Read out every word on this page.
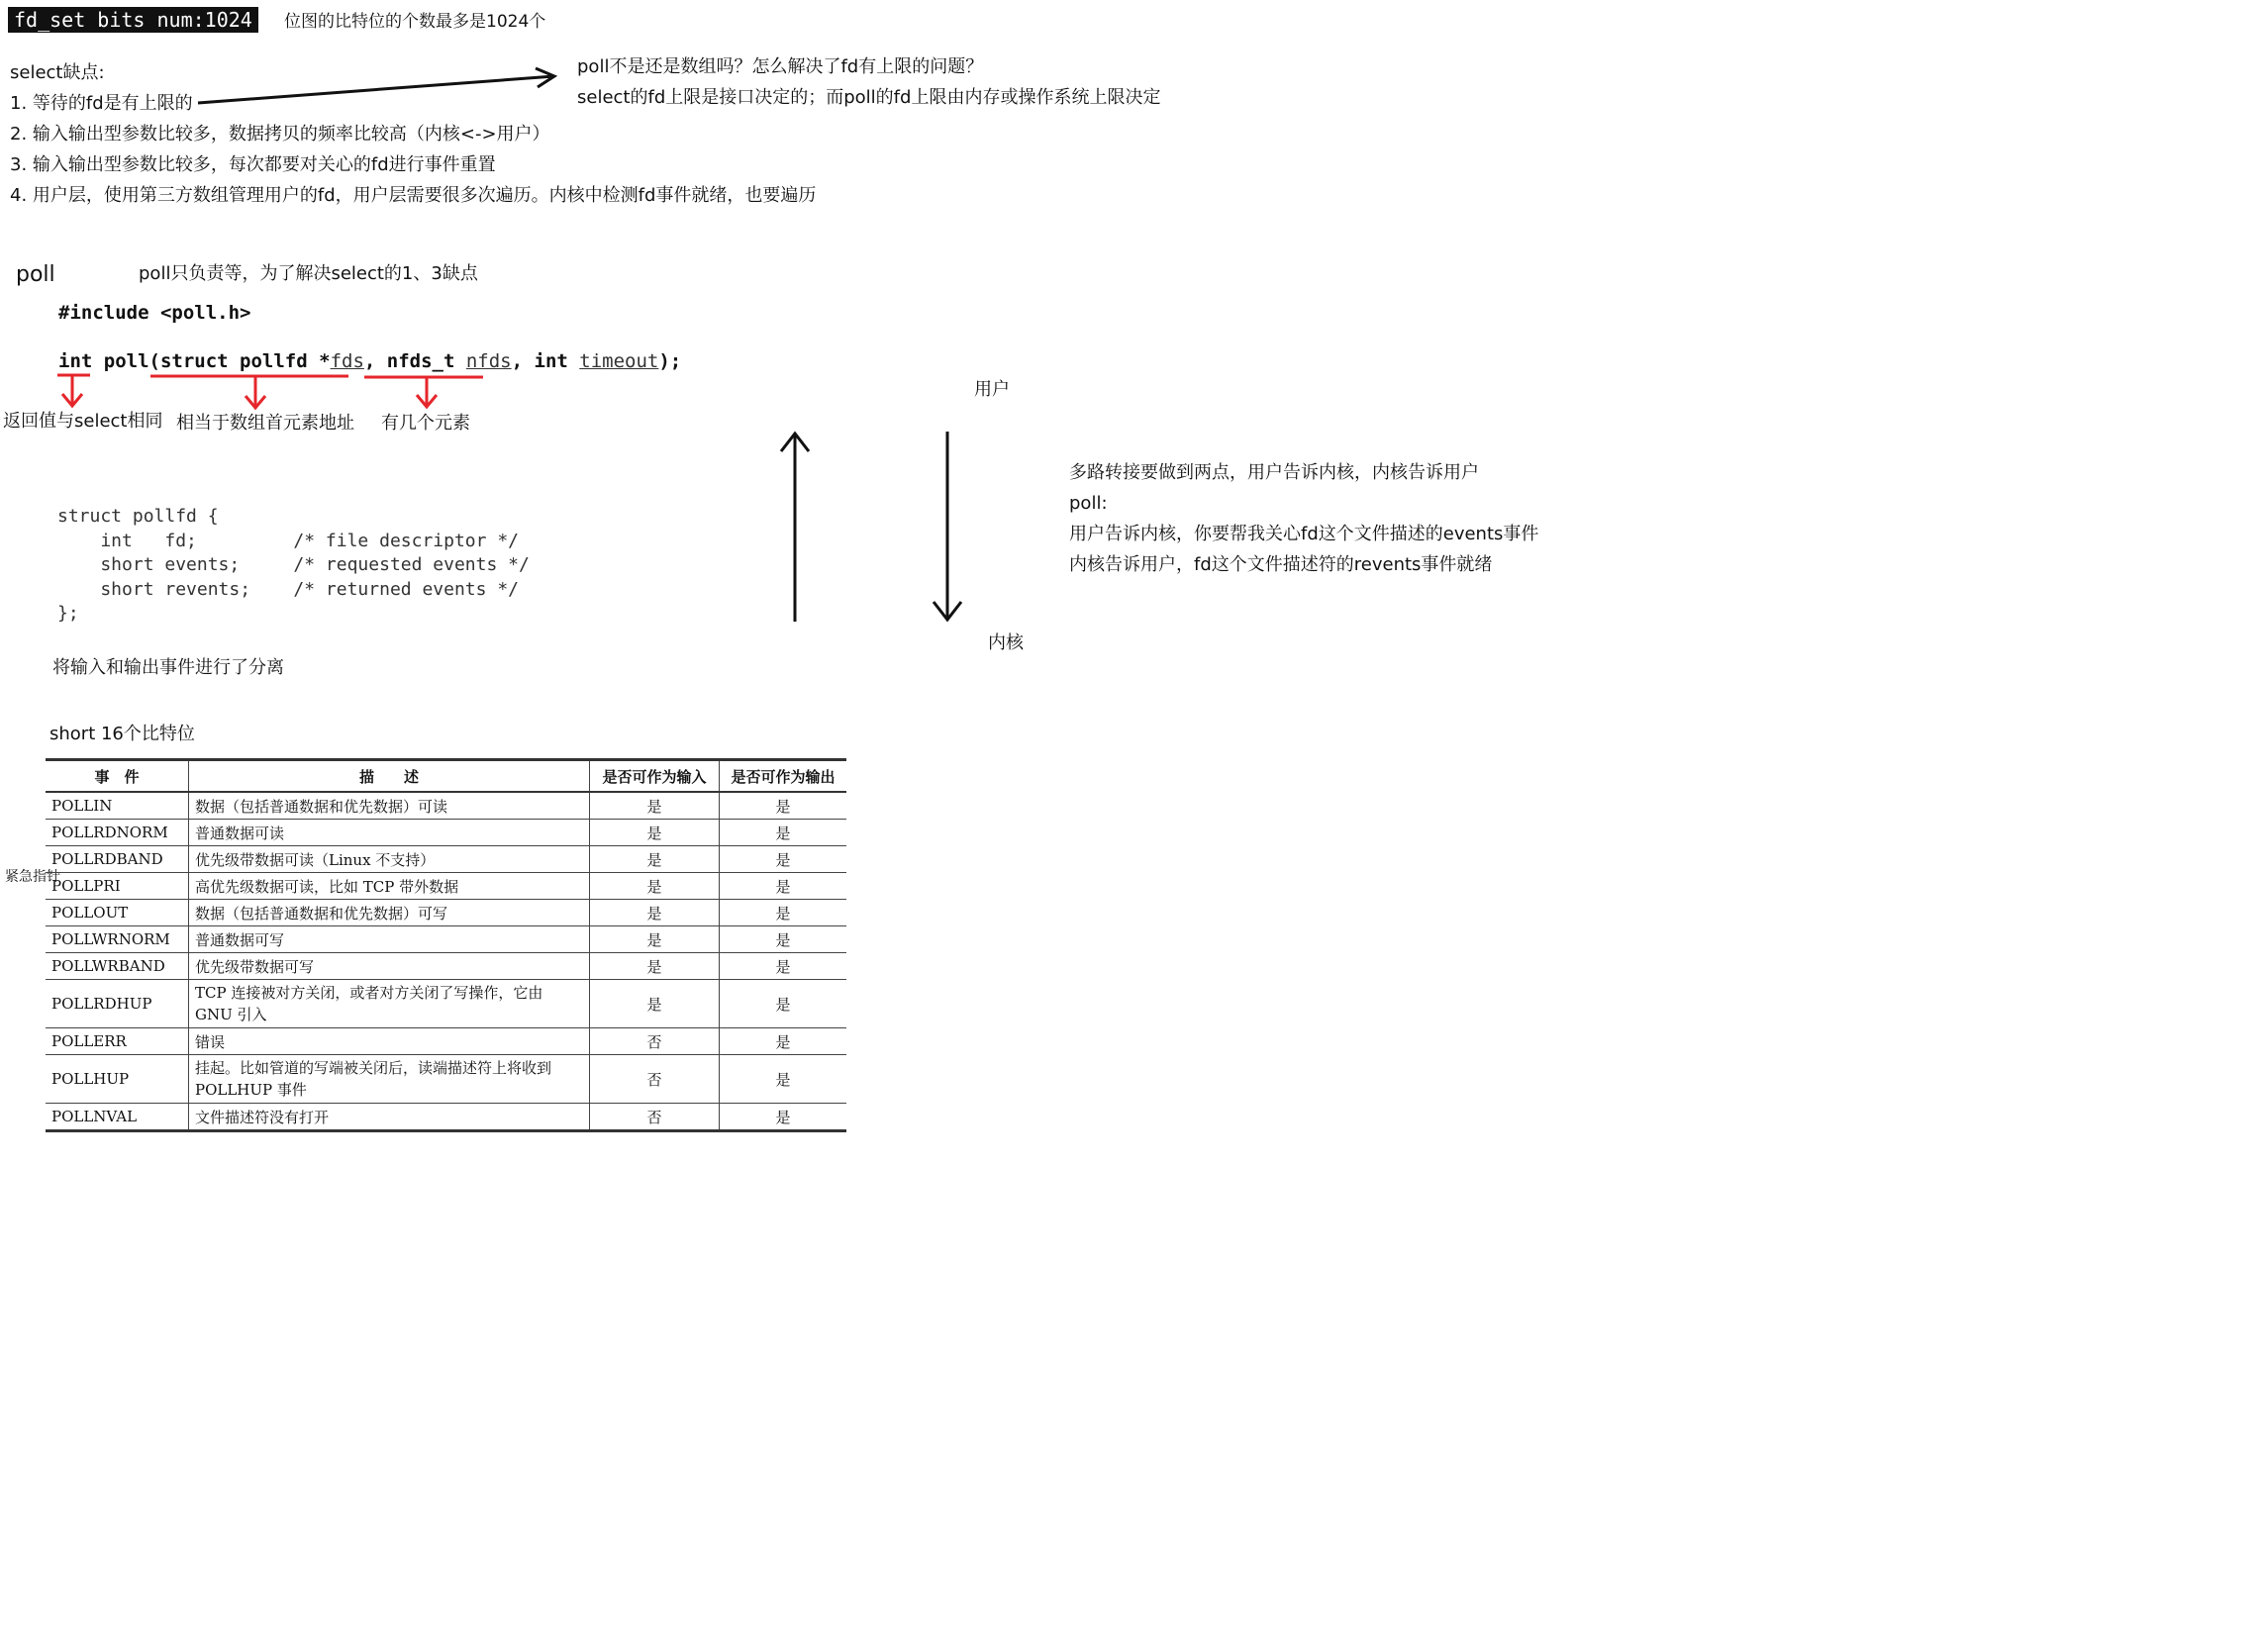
fd_set bits num:1024	位图的比特位的个数最多是1024个
select缺点:
1. 等待的fd是有上限的
2. 输入输出型参数比较多，数据拷贝的频率比较高（内核<->用户）
3. 输入输出型参数比较多，每次都要对关心的fd进行事件重置
4. 用户层，使用第三方数组管理用户的fd，用户层需要很多次遍历。内核中检测fd事件就绪，也要遍历
poll不是还是数组吗？怎么解决了fd有上限的问题？
select的fd上限是接口决定的；而poll的fd上限由内存或操作系统上限决定
poll	poll只负责等，为了解决select的1、3缺点
#include <poll.h>
int poll(struct pollfd *fds, nfds_t nfds, int timeout);
返回值与select相同 相当于数组首元素地址 有几个元素
struct pollfd {
int   fd;         /* file descriptor */
short events;     /* requested events */
short revents;    /* returned events */
};
将输入和输出事件进行了分离
short 16个比特位
用户
内核
多路转接要做到两点，用户告诉内核，内核告诉用户
poll:
用户告诉内核，你要帮我关心fd这个文件描述的events事件
内核告诉用户，fd这个文件描述符的revents事件就绪
紧急指针
事　件	描　　述	是否可作为输入	是否可作为输出
POLLIN	数据（包括普通数据和优先数据）可读	是	是
POLLRDNORM	普通数据可读	是	是
POLLRDBAND	优先级带数据可读（Linux 不支持）	是	是
POLLPRI	高优先级数据可读，比如 TCP 带外数据	是	是
POLLOUT	数据（包括普通数据和优先数据）可写	是	是
POLLWRNORM	普通数据可写	是	是
POLLWRBAND	优先级带数据可写	是	是
POLLRDHUP	TCP 连接被对方关闭，或者对方关闭了写操作，它由 GNU 引入	是	是
POLLERR	错误	否	是
POLLHUP	挂起。比如管道的写端被关闭后，读端描述符上将收到 POLLHUP 事件	否	是
POLLNVAL	文件描述符没有打开	否	是
